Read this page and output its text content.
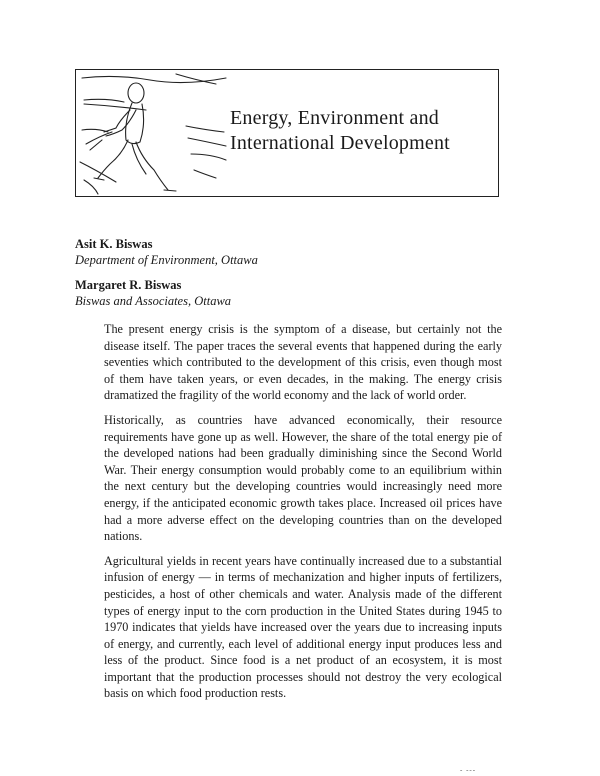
Energy, Environment and
International Development
Asit K. Biswas
Department of Environment, Ottawa
Margaret R. Biswas
Biswas and Associates, Ottawa

The present energy crisis is the symptom of a disease, but certainly not the disease itself. The paper traces the several events that happened during the early seventies which contributed to the development of this crisis, even though most of them have taken years, or even decades, in the making. The energy crisis dramatized the fragility of the world economy and the lack of world order.

Historically, as countries have advanced economically, their resource requirements have gone up as well. However, the share of the total energy pie of the developed nations had been gradually diminishing since the Second World War. Their energy consumption would probably come to an equilibrium within the next century but the developing countries would increasingly need more energy, if the anticipated economic growth takes place. Increased oil prices have had a more adverse effect on the developing countries than on the developed nations.

Agricultural yields in recent years have continually increased due to a substantial infusion of energy — in terms of mechanization and higher inputs of fertilizers, pesticides, a host of other chemicals and water. Analysis made of the different types of energy input to the corn production in the United States during 1945 to 1970 indicates that yields have increased over the years due to increasing inputs of energy, and currently, each level of additional energy input produces less and less of the product. Since food is a net product of an ecosystem, it is most important that the production processes should not destroy the very ecological basis on which food production rests.

- ---
